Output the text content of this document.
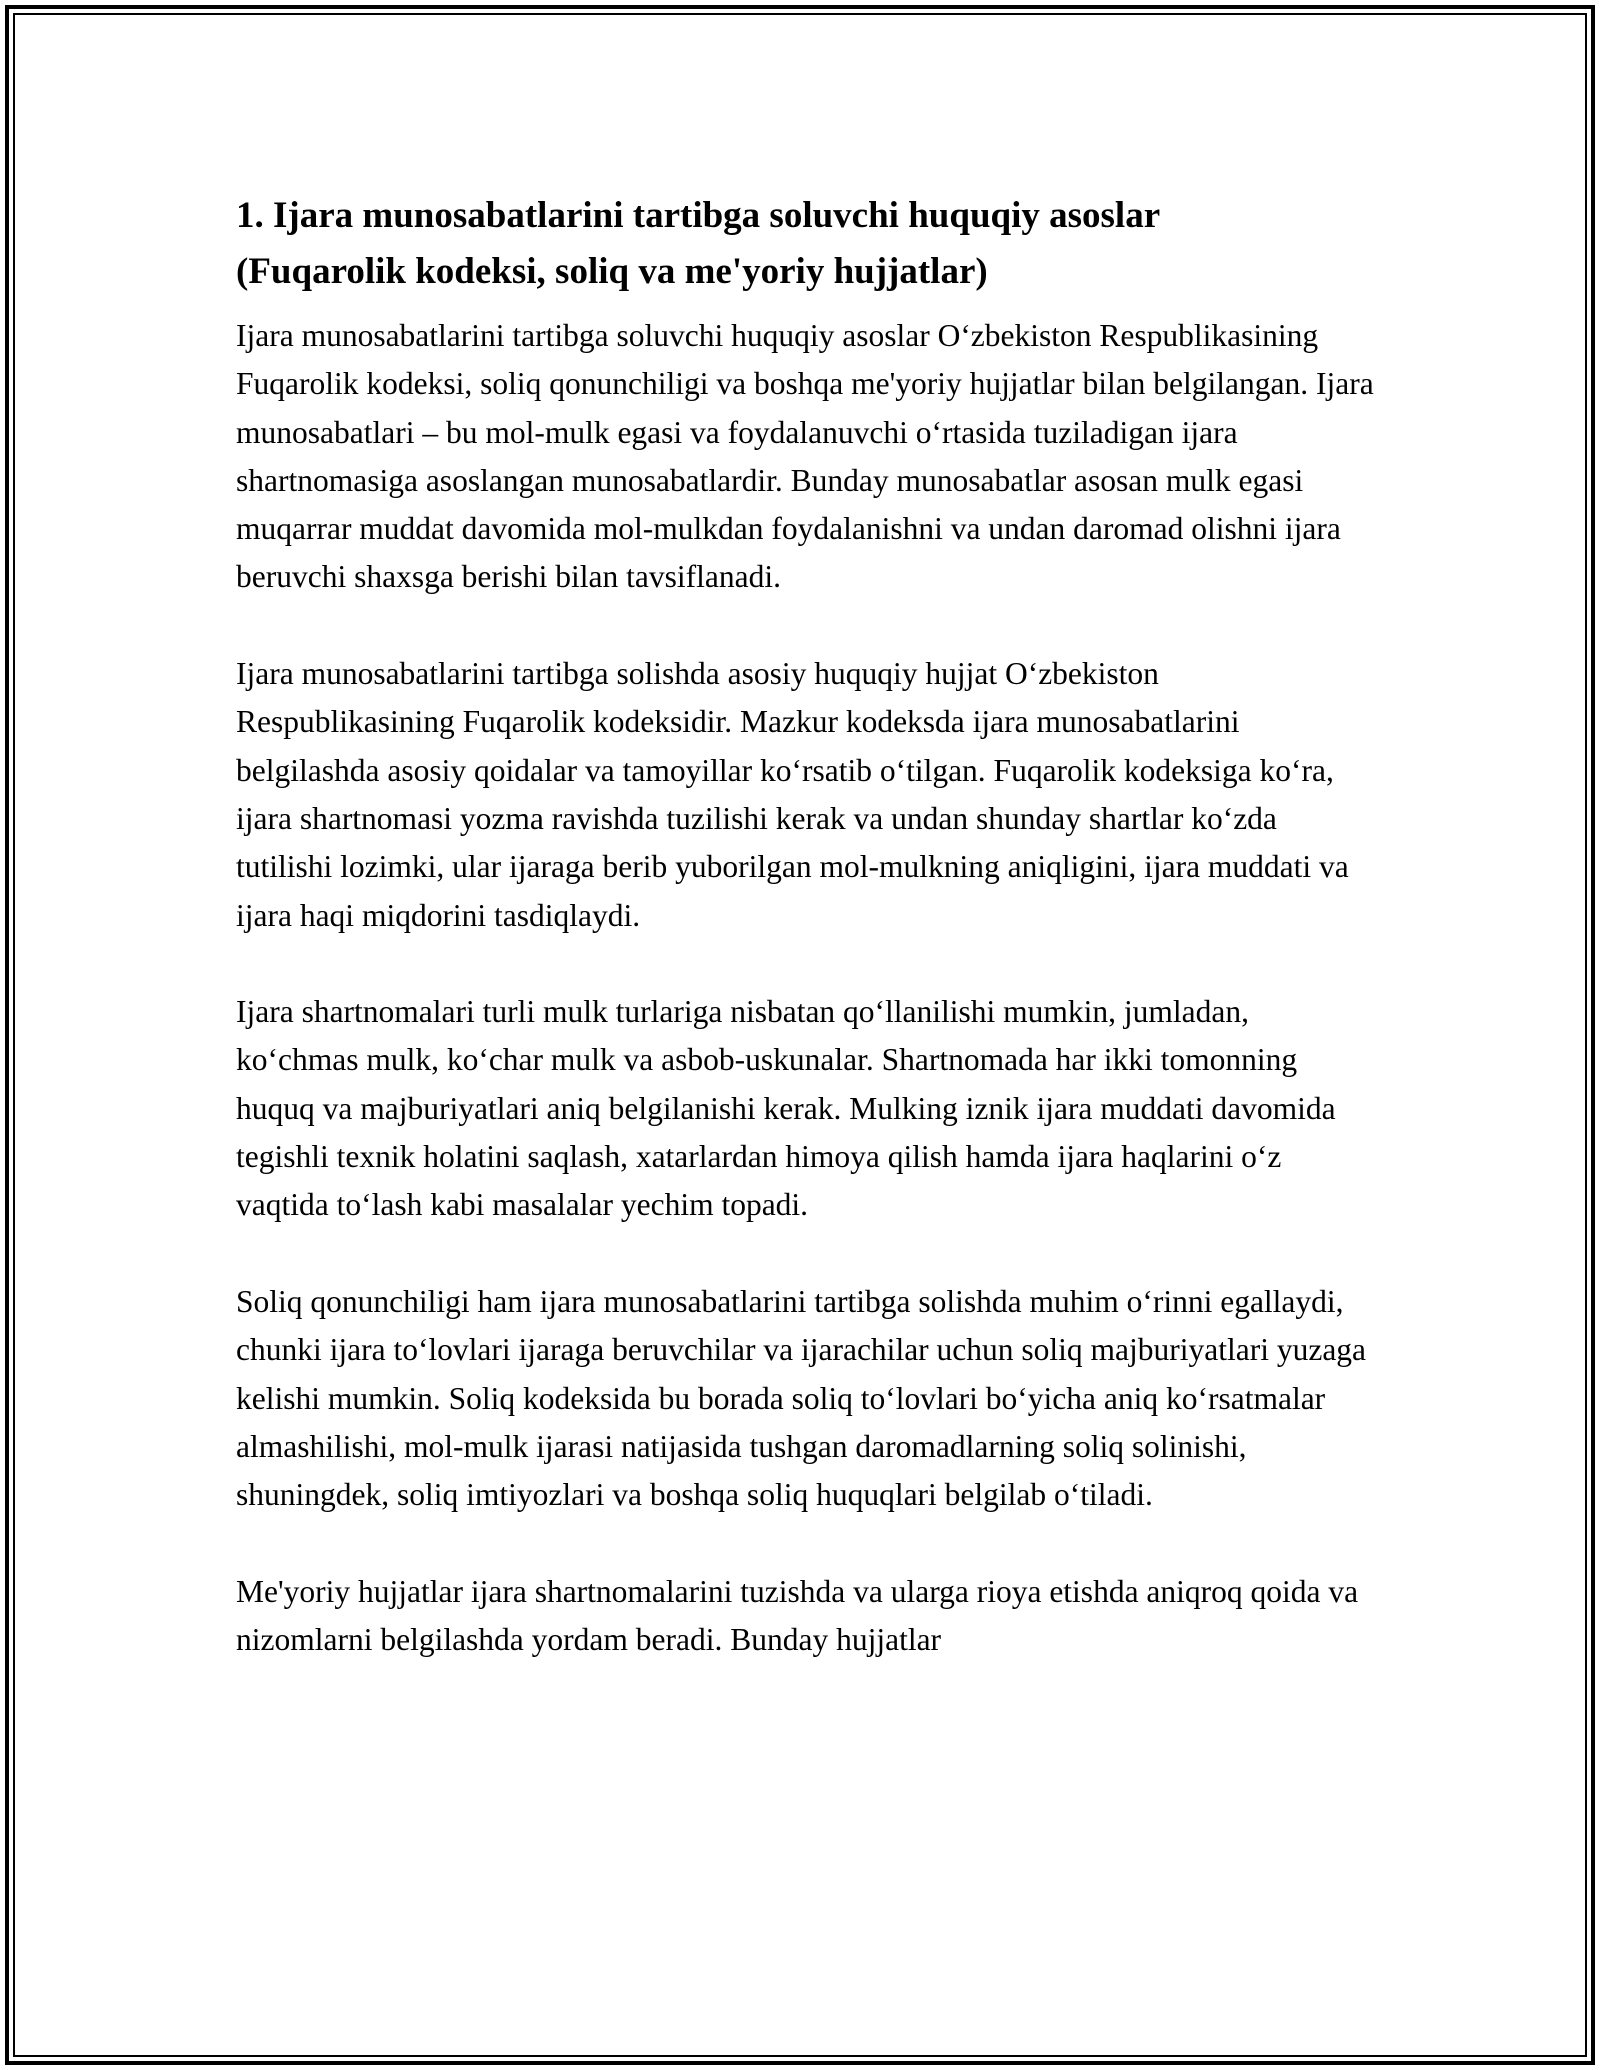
1. Ijara munosabatlarini tartibga soluvchi huquqiy asoslar
(Fuqarolik kodeksi, soliq va me'yoriy hujjatlar)

Ijara munosabatlarini tartibga soluvchi huquqiy asoslar O‘zbekiston Respublikasining Fuqarolik kodeksi, soliq qonunchiligi va boshqa me'yoriy hujjatlar bilan belgilangan. Ijara munosabatlari – bu mol-mulk egasi va foydalanuvchi o‘rtasida tuziladigan ijara shartnomasiga asoslangan munosabatlardir. Bunday munosabatlar asosan mulk egasi muqarrar muddat davomida mol-mulkdan foydalanishni va undan daromad olishni ijara beruvchi shaxsga berishi bilan tavsiflanadi.

Ijara munosabatlarini tartibga solishda asosiy huquqiy hujjat O‘zbekiston Respublikasining Fuqarolik kodeksidir. Mazkur kodeksda ijara munosabatlarini belgilashda asosiy qoidalar va tamoyillar ko‘rsatib o‘tilgan. Fuqarolik kodeksiga ko‘ra, ijara shartnomasi yozma ravishda tuzilishi kerak va undan shunday shartlar ko‘zda tutilishi lozimki, ular ijaraga berib yuborilgan mol-mulkning aniqligini, ijara muddati va ijara haqi miqdorini tasdiqlaydi.

Ijara shartnomalari turli mulk turlariga nisbatan qo‘llanilishi mumkin, jumladan, ko‘chmas mulk, ko‘char mulk va asbob-uskunalar. Shartnomada har ikki tomonning huquq va majburiyatlari aniq belgilanishi kerak. Mulking iznik ijara muddati davomida tegishli texnik holatini saqlash, xatarlardan himoya qilish hamda ijara haqlarini o‘z vaqtida to‘lash kabi masalalar yechim topadi.

Soliq qonunchiligi ham ijara munosabatlarini tartibga solishda muhim o‘rinni egallaydi, chunki ijara to‘lovlari ijaraga beruvchilar va ijarachilar uchun soliq majburiyatlari yuzaga kelishi mumkin. Soliq kodeksida bu borada soliq to‘lovlari bo‘yicha aniq ko‘rsatmalar almashilishi, mol-mulk ijarasi natijasida tushgan daromadlarning soliq solinishi, shuningdek, soliq imtiyozlari va boshqa soliq huquqlari belgilab o‘tiladi.

Me'yoriy hujjatlar ijara shartnomalarini tuzishda va ularga rioya etishda aniqroq qoida va nizomlarni belgilashda yordam beradi. Bunday hujjatlar
